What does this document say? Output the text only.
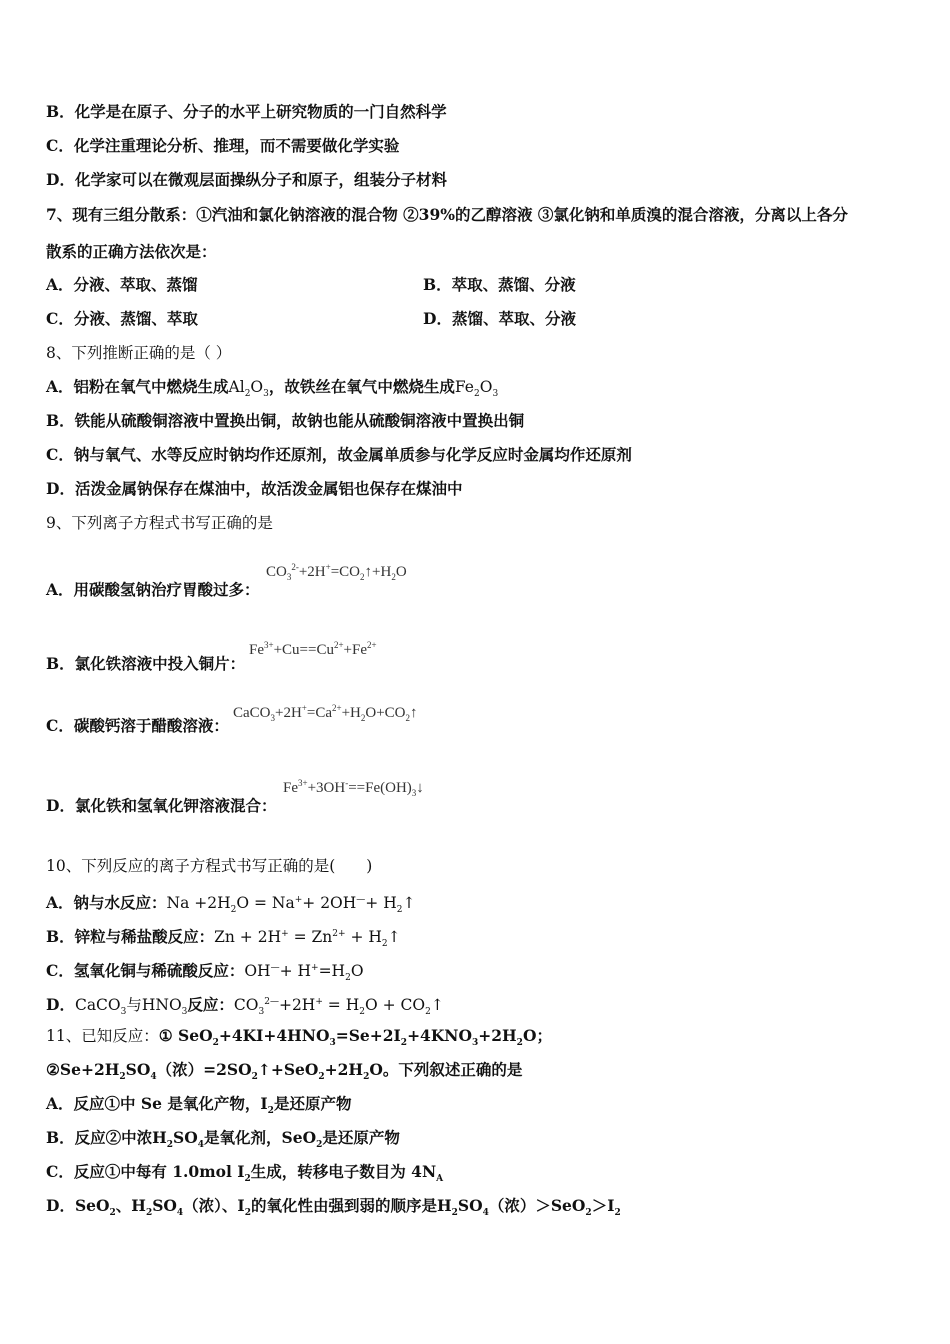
B．化学是在原子、分子的水平上研究物质的一门自然科学
C．化学注重理论分析、推理，而不需要做化学实验
D．化学家可以在微观层面操纵分子和原子，组装分子材料
7、现有三组分散系：①汽油和氯化钠溶液的混合物 ②39%的乙醇溶液 ③氯化钠和单质溴的混合溶液，分离以上各分
散系的正确方法依次是：
A．分液、萃取、蒸馏	B．萃取、蒸馏、分液
C．分液、蒸馏、萃取	D．蒸馏、萃取、分液
8、下列推断正确的是（ ）
A．铝粉在氧气中燃烧生成$Al_2O_3$，故铁丝在氧气中燃烧生成$Fe_2O_3$
B．铁能从硫酸铜溶液中置换出铜，故钠也能从硫酸铜溶液中置换出铜
C．钠与氧气、水等反应时钠均作还原剂，故金属单质参与化学反应时金属均作还原剂
D．活泼金属钠保存在煤油中，故活泼金属铝也保存在煤油中
9、下列离子方程式书写正确的是
A．用碳酸氢钠治疗胃酸过多：
$CO_3^{2-}+2H^+=CO_2↑+H_2O$
B．氯化铁溶液中投入铜片：
$Fe^{3+}+Cu==Cu^{2+}+Fe^{2+}$
C．碳酸钙溶于醋酸溶液：
$CaCO_3+2H^+=Ca^{2+}+H_2O+CO_2↑$
D．氯化铁和氢氧化钾溶液混合：
$Fe^{3+}+3OH^-==Fe(OH)_3↓$
10、下列反应的离子方程式书写正确的是(　　)
A．钠与水反应：$Na +2H_2O = Na^++ 2OH^—+$ $H_2↑$
B．锌粒与稀盐酸反应：$Zn + 2H^+ = Zn^{2+}$ + $H_2↑$
C．氢氧化铜与稀硫酸反应：$OH^—+ H^+=H_2O$
D．CaCO$_3$与$HNO_3$反应：$CO_3^{2—}+2H^+ = H_2O$ + $CO_2↑$
11、已知反应：① $SeO_2+4KI+4HNO_3=Se+2I_2+4KNO_3+2H_2O$；
$②Se+2H_2SO_4$（浓）$=2SO_2↑+SeO_2+2H_2O$。下列叙述正确的是
A．反应①中 Se 是氧化产物，$I_2$是还原产物
B．反应②中浓$H_2SO_4$是氧化剂，SeO$_2$是还原产物
C．反应①中每有 1.0mol $I_2$生成，转移电子数目为 $4N_A$
D．SeO$_2$、$H_2SO_4$（浓）、$I_2$的氧化性由强到弱的顺序是$H_2SO_4$（浓）$>SeO_2>I_2$
